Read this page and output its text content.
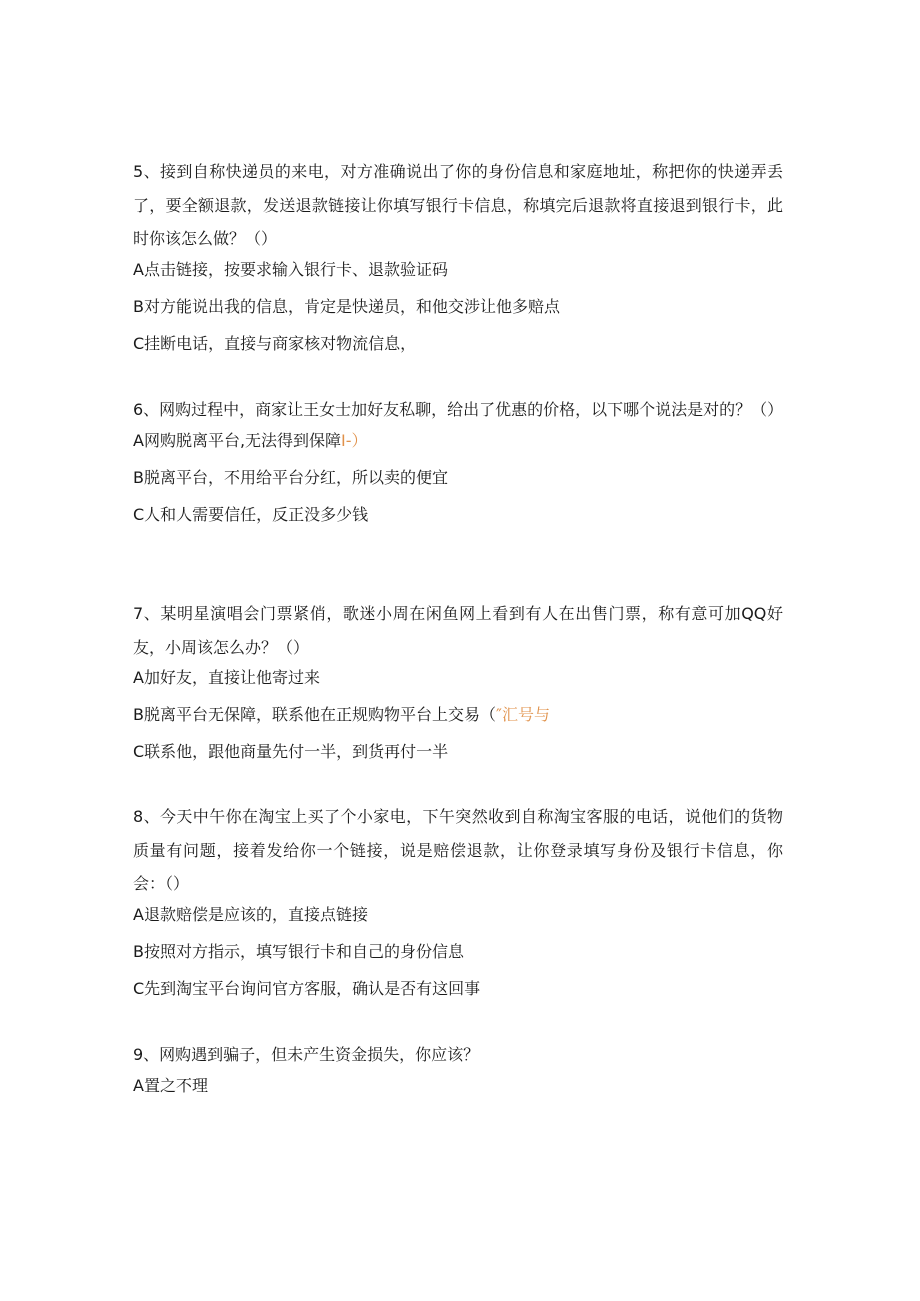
5、接到自称快递员的来电，对方准确说出了你的身份信息和家庭地址，称把你的快递弄丢了，要全额退款，发送退款链接让你填写银行卡信息，称填完后退款将直接退到银行卡，此时你该怎么做？（）

A点击链接，按要求输入银行卡、退款验证码

B对方能说出我的信息，肯定是快递员，和他交涉让他多赔点

C挂断电话，直接与商家核对物流信息，

6、网购过程中，商家让王女士加好友私聊，给出了优惠的价格，以下哪个说法是对的？（）

A网购脱离平台,无法得到保障I-）

B脱离平台，不用给平台分红，所以卖的便宜

C人和人需要信任，反正没多少钱

7、某明星演唱会门票紧俏，歌迷小周在闲鱼网上看到有人在出售门票，称有意可加QQ好友，小周该怎么办？（）

A加好友，直接让他寄过来

B脱离平台无保障，联系他在正规购物平台上交易（″汇号与

C联系他，跟他商量先付一半，到货再付一半

8、今天中午你在淘宝上买了个小家电，下午突然收到自称淘宝客服的电话，说他们的货物质量有问题，接着发给你一个链接，说是赔偿退款，让你登录填写身份及银行卡信息，你会：（）

A退款赔偿是应该的，直接点链接

B按照对方指示，填写银行卡和自己的身份信息

C先到淘宝平台询问官方客服，确认是否有这回事

9、网购遇到骗子，但未产生资金损失，你应该？

A置之不理
